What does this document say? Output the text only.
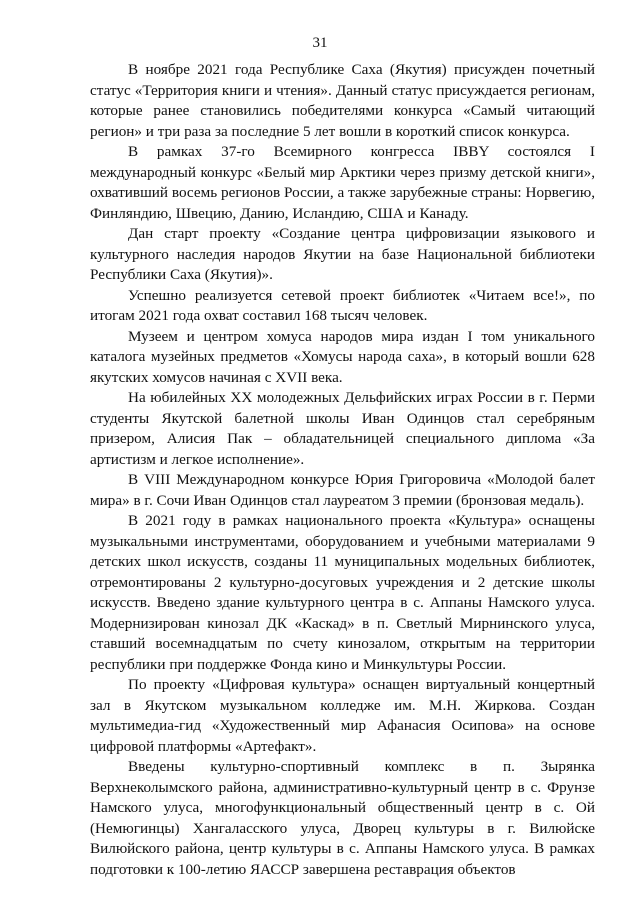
31

В ноябре 2021 года Республике Саха (Якутия) присужден почетный статус «Территория книги и чтения». Данный статус присуждается регионам, которые ранее становились победителями конкурса «Самый читающий регион» и три раза за последние 5 лет вошли в короткий список конкурса.

В рамках 37-го Всемирного конгресса IBBY состоялся I международный конкурс «Белый мир Арктики через призму детской книги», охвативший восемь регионов России, а также зарубежные страны: Норвегию, Финляндию, Швецию, Данию, Исландию, США и Канаду.

Дан старт проекту «Создание центра цифровизации языкового и культурного наследия народов Якутии на базе Национальной библиотеки Республики Саха (Якутия)».

Успешно реализуется сетевой проект библиотек «Читаем все!», по итогам 2021 года охват составил 168 тысяч человек.

Музеем и центром хомуса народов мира издан I том уникального каталога музейных предметов «Хомусы народа саха», в который вошли 628 якутских хомусов начиная с XVII века.

На юбилейных XX молодежных Дельфийских играх России в г. Перми студенты Якутской балетной школы Иван Одинцов стал серебряным призером, Алисия Пак – обладательницей специального диплома «За артистизм и легкое исполнение».

В VIII Международном конкурсе Юрия Григоровича «Молодой балет мира» в г. Сочи Иван Одинцов стал лауреатом 3 премии (бронзовая медаль).

В 2021 году в рамках национального проекта «Культура» оснащены музыкальными инструментами, оборудованием и учебными материалами 9 детских школ искусств, созданы 11 муниципальных модельных библиотек, отремонтированы 2 культурно-досуговых учреждения и 2 детские школы искусств. Введено здание культурного центра в с. Аппаны Намского улуса. Модернизирован кинозал ДК «Каскад» в п. Светлый Мирнинского улуса, ставший восемнадцатым по счету кинозалом, открытым на территории республики при поддержке Фонда кино и Минкультуры России.

По проекту «Цифровая культура» оснащен виртуальный концертный зал в Якутском музыкальном колледже им. М.Н. Жиркова. Создан мультимедиа-гид «Художественный мир Афанасия Осипова» на основе цифровой платформы «Артефакт».

Введены культурно-спортивный комплекс в п. Зырянка Верхнеколымского района, административно-культурный центр в с. Фрунзе Намского улуса, многофункциональный общественный центр в с. Ой (Немюгинцы) Хангаласского улуса, Дворец культуры в г. Вилюйске Вилюйского района, центр культуры в с. Аппаны Намского улуса. В рамках подготовки к 100-летию ЯАССР завершена реставрация объектов
